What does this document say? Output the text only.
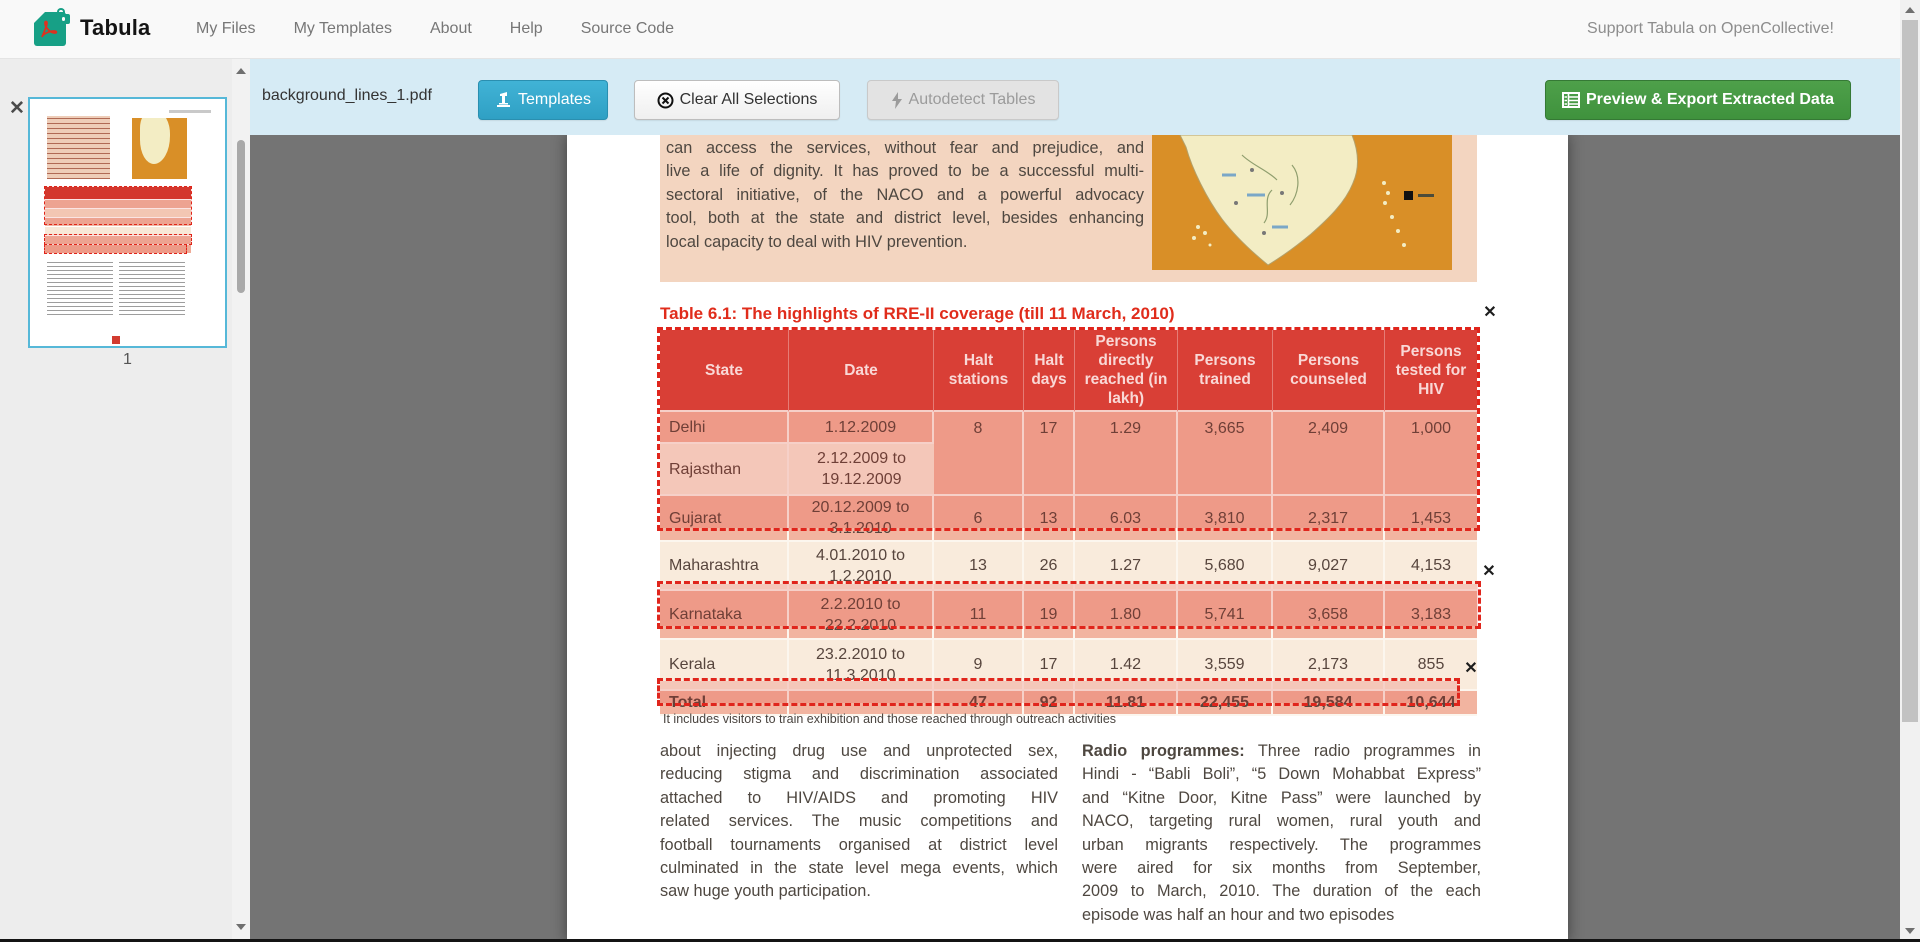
Tabula	My Files	My Templates	About	Help	Source Code	Support Tabula on OpenCollective!
✕
1
background_lines_1.pdf	Templates	Clear All Selections	Autodetect Tables	Preview & Export Extracted Data
can access the services, without fear and prejudice, and
live a life of dignity. It has proved to be a successful multi-
sectoral initiative, of the NACO and a powerful advocacy
tool, both at the state and district level, besides enhancing
local capacity to deal with HIV prevention.
Table 6.1: The highlights of RRE-II coverage (till 11 March, 2010)
State	Date	Halt stations	Halt days	Persons directly reached (in lakh)	Persons trained	Persons counseled	Persons tested for HIV
Delhi	1.12.2009	8	17	1.29	3,665	2,409	1,000
Rajasthan	2.12.2009 to 19.12.2009						
Gujarat	20.12.2009 to 3.1.2010	6	13	6.03	3,810	2,317	1,453
Maharashtra	4.01.2010 to 1.2.2010	13	26	1.27	5,680	9,027	4,153
Karnataka	2.2.2010 to 22.2.2010	11	19	1.80	5,741	3,658	3,183
Kerala	23.2.2010 to 11.3.2010	9	17	1.42	3,559	2,173	855
Total		47	92	11.81	22,455	19,584	10,644
✕
✕
✕
It includes visitors to train exhibition and those reached through outreach activities
about injecting drug use and unprotected sex,
reducing stigma and discrimination associated
attached to HIV/AIDS and promoting HIV
related services. The music competitions and
football tournaments organised at district level
culminated in the state level mega events, which
saw huge youth participation.
Radio programmes: Three radio programmes in
Hindi - “Babli Boli”, “5 Down Mohabbat Express”
and “Kitne Door, Kitne Pass” were launched by
NACO, targeting rural women, rural youth and
urban migrants respectively. The programmes
were aired for six months from September,
2009 to March, 2010. The duration of the each
episode was half an hour and two episodes
